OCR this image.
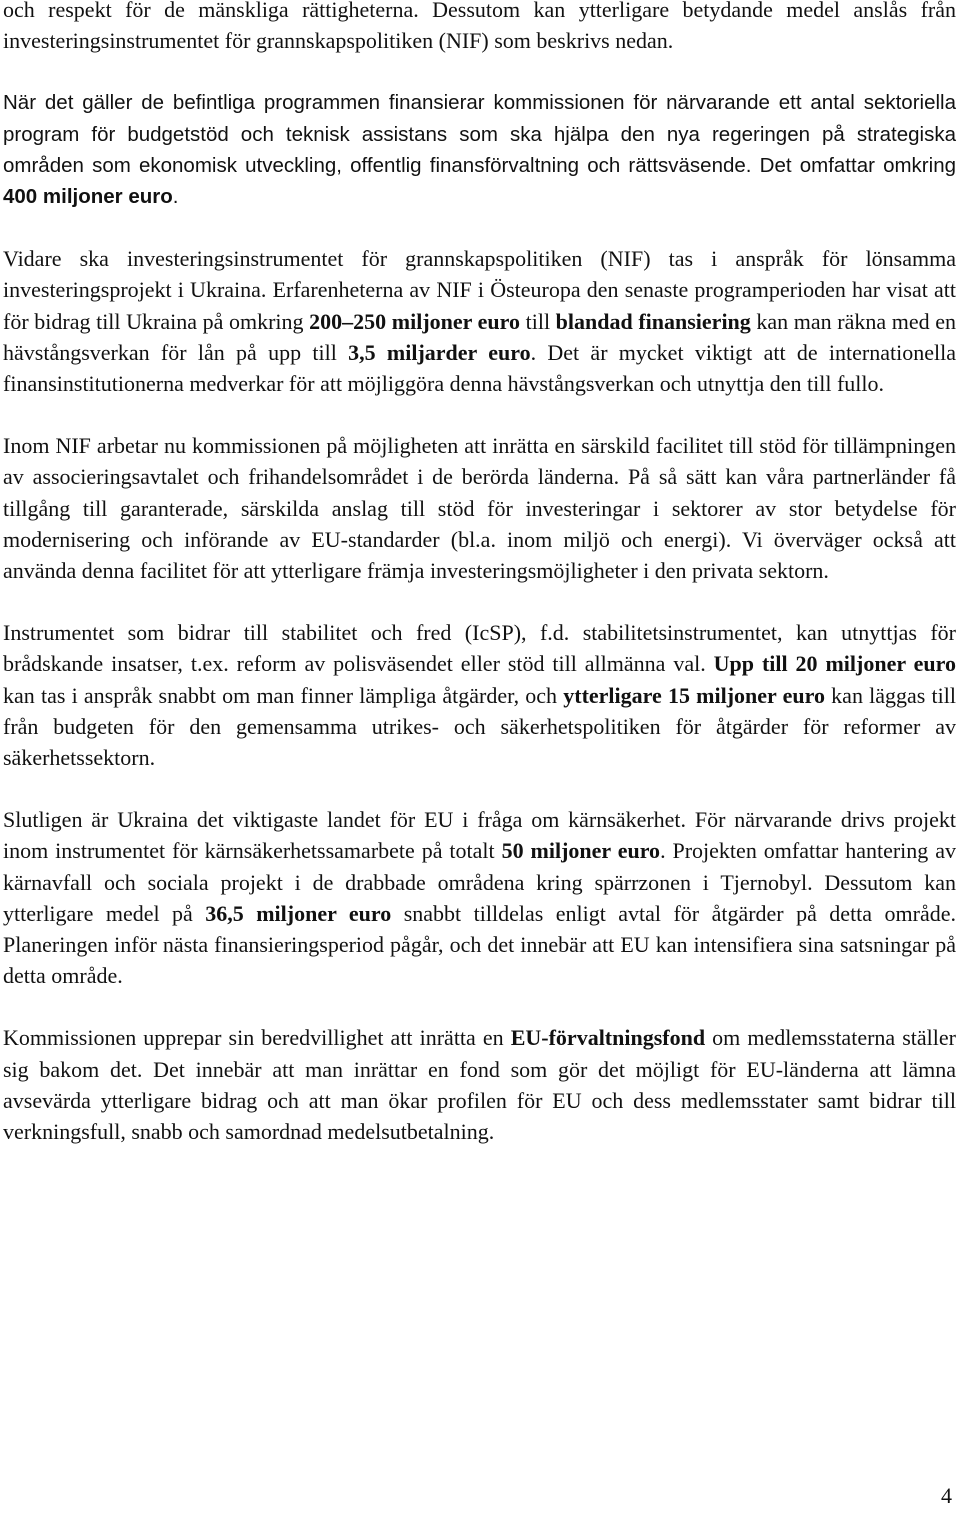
och respekt för de mänskliga rättigheterna. Dessutom kan ytterligare betydande medel anslås från investeringsinstrumentet för grannskapspolitiken (NIF) som beskrivs nedan.

När det gäller de befintliga programmen finansierar kommissionen för närvarande ett antal sektoriella program för budgetstöd och teknisk assistans som ska hjälpa den nya regeringen på strategiska områden som ekonomisk utveckling, offentlig finansförvaltning och rättsväsende. Det omfattar omkring 400 miljoner euro.

Vidare ska investeringsinstrumentet för grannskapspolitiken (NIF) tas i anspråk för lönsamma investeringsprojekt i Ukraina. Erfarenheterna av NIF i Östeuropa den senaste programperioden har visat att för bidrag till Ukraina på omkring 200–250 miljoner euro till blandad finansiering kan man räkna med en hävstångsverkan för lån på upp till 3,5 miljarder euro. Det är mycket viktigt att de internationella finansinstitutionerna medverkar för att möjliggöra denna hävstångsverkan och utnyttja den till fullo.

Inom NIF arbetar nu kommissionen på möjligheten att inrätta en särskild facilitet till stöd för tillämpningen av associeringsavtalet och frihandelsområdet i de berörda länderna. På så sätt kan våra partnerländer få tillgång till garanterade, särskilda anslag till stöd för investeringar i sektorer av stor betydelse för modernisering och införande av EU-standarder (bl.a. inom miljö och energi). Vi överväger också att använda denna facilitet för att ytterligare främja investeringsmöjligheter i den privata sektorn.

Instrumentet som bidrar till stabilitet och fred (IcSP), f.d. stabilitetsinstrumentet, kan utnyttjas för brådskande insatser, t.ex. reform av polisväsendet eller stöd till allmänna val. Upp till 20 miljoner euro kan tas i anspråk snabbt om man finner lämpliga åtgärder, och ytterligare 15 miljoner euro kan läggas till från budgeten för den gemensamma utrikes- och säkerhetspolitiken för åtgärder för reformer av säkerhetssektorn.

Slutligen är Ukraina det viktigaste landet för EU i fråga om kärnsäkerhet. För närvarande drivs projekt inom instrumentet för kärnsäkerhetssamarbete på totalt 50 miljoner euro. Projekten omfattar hantering av kärnavfall och sociala projekt i de drabbade områdena kring spärrzonen i Tjernobyl. Dessutom kan ytterligare medel på 36,5 miljoner euro snabbt tilldelas enligt avtal för åtgärder på detta område. Planeringen inför nästa finansieringsperiod pågår, och det innebär att EU kan intensifiera sina satsningar på detta område.

Kommissionen upprepar sin beredvillighet att inrätta en EU-förvaltningsfond om medlemsstaterna ställer sig bakom det. Det innebär att man inrättar en fond som gör det möjligt för EU-länderna att lämna avsevärda ytterligare bidrag och att man ökar profilen för EU och dess medlemsstater samt bidrar till verkningsfull, snabb och samordnad medelsutbetalning.

4
